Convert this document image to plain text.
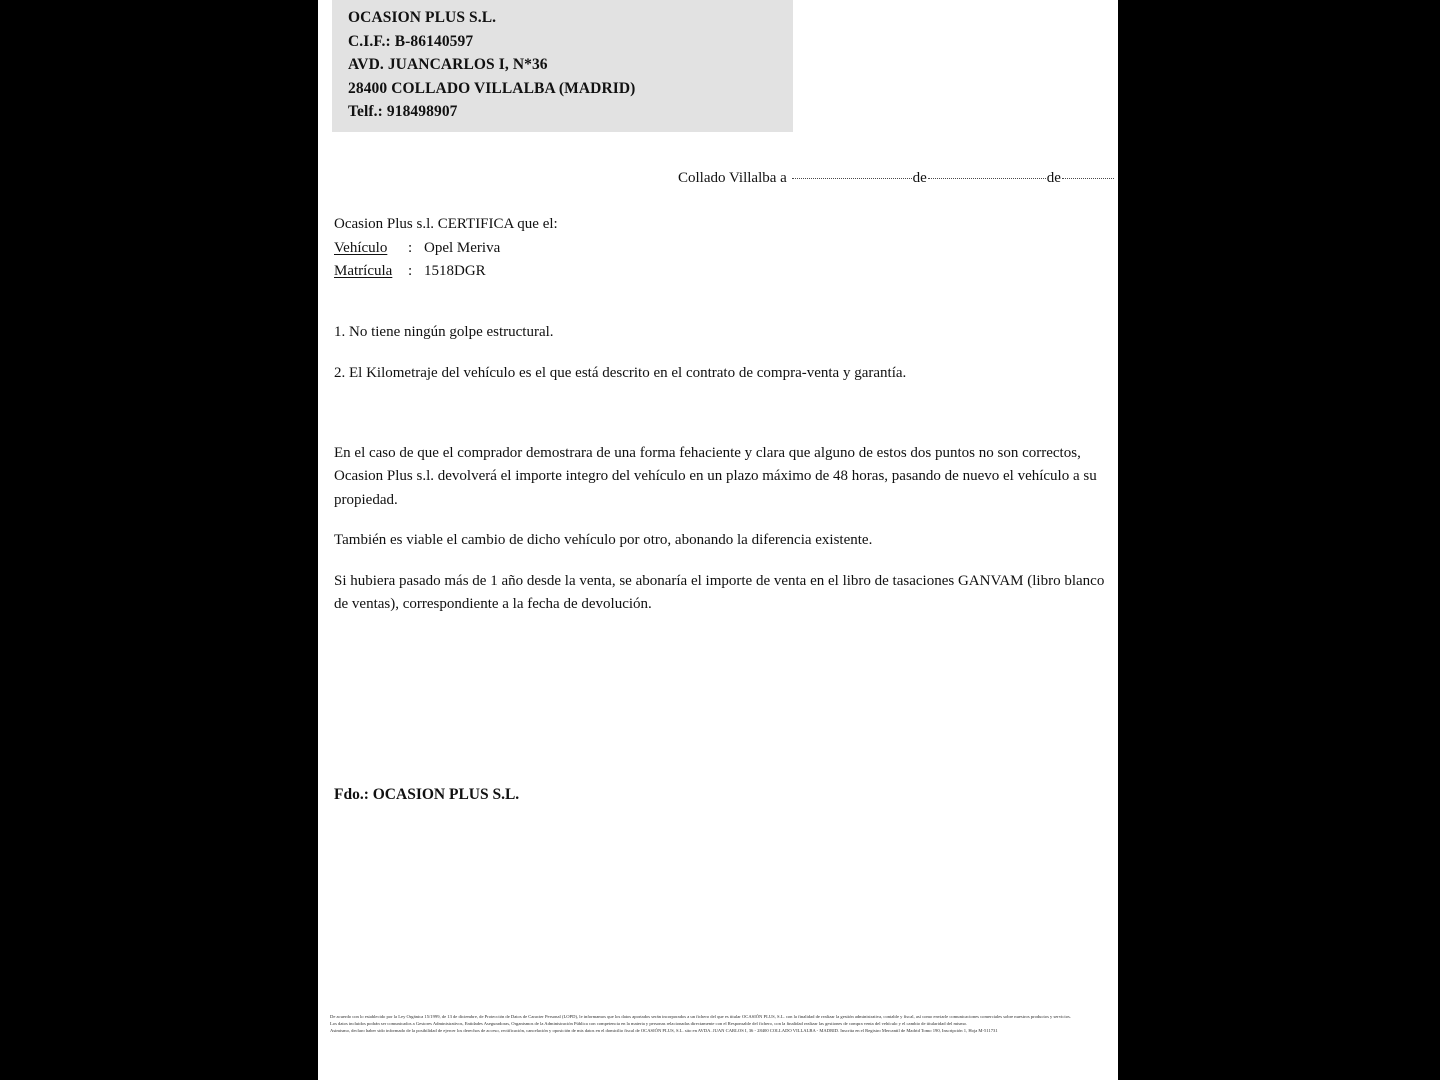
OCASION PLUS S.L.
C.I.F.: B-86140597
AVD. JUANCARLOS I, N*36
28400 COLLADO VILLALBA (MADRID)
Telf.: 918498907
Collado Villalba a	de	de
Ocasion Plus s.l. CERTIFICA que el:
Vehículo : Opel Meriva
Matrícula : 1518DGR
1. No tiene ningún golpe estructural.
2. El Kilometraje del vehículo es el que está descrito en el contrato de compra-venta y garantía.
En el caso de que el comprador demostrara de una forma fehaciente y clara que alguno de estos dos puntos no son correctos, Ocasion Plus s.l. devolverá el importe integro del vehículo en un plazo máximo de 48 horas, pasando de nuevo el vehículo a su propiedad.
También es viable el cambio de dicho vehículo por otro, abonando la diferencia existente.
Si hubiera pasado más de 1 año desde la venta, se abonaría el importe de venta en el libro de tasaciones GANVAM (libro blanco de ventas), correspondiente a la fecha de devolución.
Fdo.: OCASION PLUS S.L.

De acuerdo con lo establecido por la Ley Orgánica 15/1999, de 13 de diciembre, de Protección de Datos de Caracter Personal (LOPD), le informamos que los datos aportados serán incorporados a un fichero del que es titular OCASIÓN PLUS, S.L. con la finalidad de realizar la gestión administrativa, contable y fiscal, así como enviarle comunicaciones comerciales sobre nuestros productos y servicios.

Los datos incluidos podrán ser comunicados a Gestores Administrativos, Entidades Aseguradoras, Organismos de la Administración Pública con competencia en la materia y personas relacionadas directamente con el Responsable del fichero, con la finalidad realizar las gestiones de compra venta del vehículo y el cambio de titularidad del mismo.

Asimismo, declaro haber sido informado de la posibilidad de ejercer los derechos de acceso, rectificación, cancelación y oposición de mis datos en el domicilio fiscal de OCASIÓN PLUS, S.L. sito en AVDA. JUAN CARLOS I, 36 - 28400 COLLADO VILLALBA - MADRID. Inscrita en el Registro Mercantil de Madrid Tomo 190, Inscripción 1, Hoja M-511731
